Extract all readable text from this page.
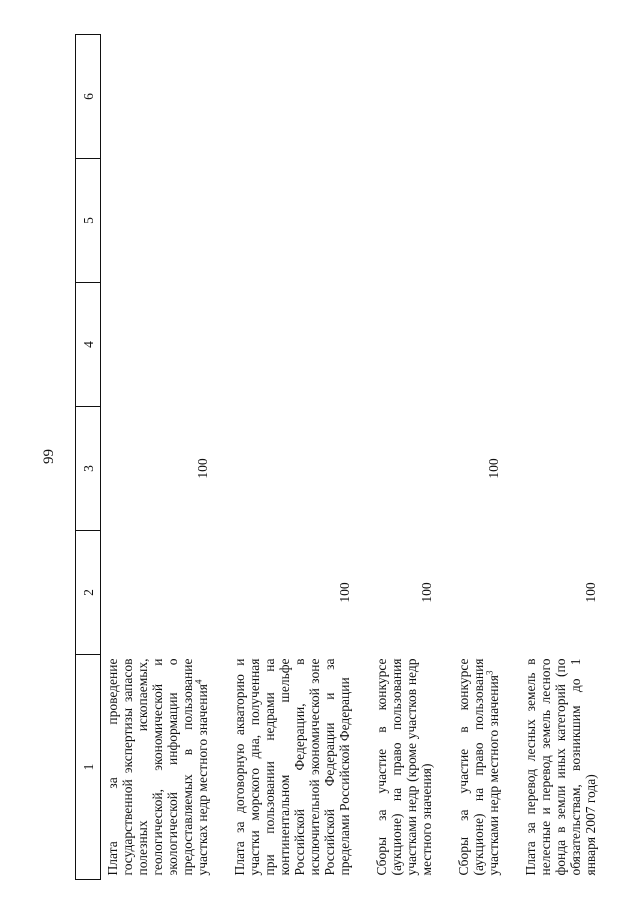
99
1	2	3	4	5	6
Плата за проведение государственной экспертизы запасов полезных ископаемых, геологической, экономической и экологической информации о предоставляемых в пользование участках недр местного значения$^4$		100			
Плата за договорную акваторию и участки морского дна, полученная при пользовании недрами на континентальном шельфе Российской Федерации, в исключительной экономической зоне Российской Федерации и за пределами Российской Федерации	100				
Сборы за участие в конкурсе (аукционе) на право пользования участками недр (кроме участков недр местного значения)	100				
Сборы за участие в конкурсе (аукционе) на право пользования участками недр местного значения$^3$		100			
Плата за перевод лесных земель в нелесные и перевод земель лесного фонда в земли иных категорий (по обязательствам, возникшим до 1 января 2007 года)	100				
